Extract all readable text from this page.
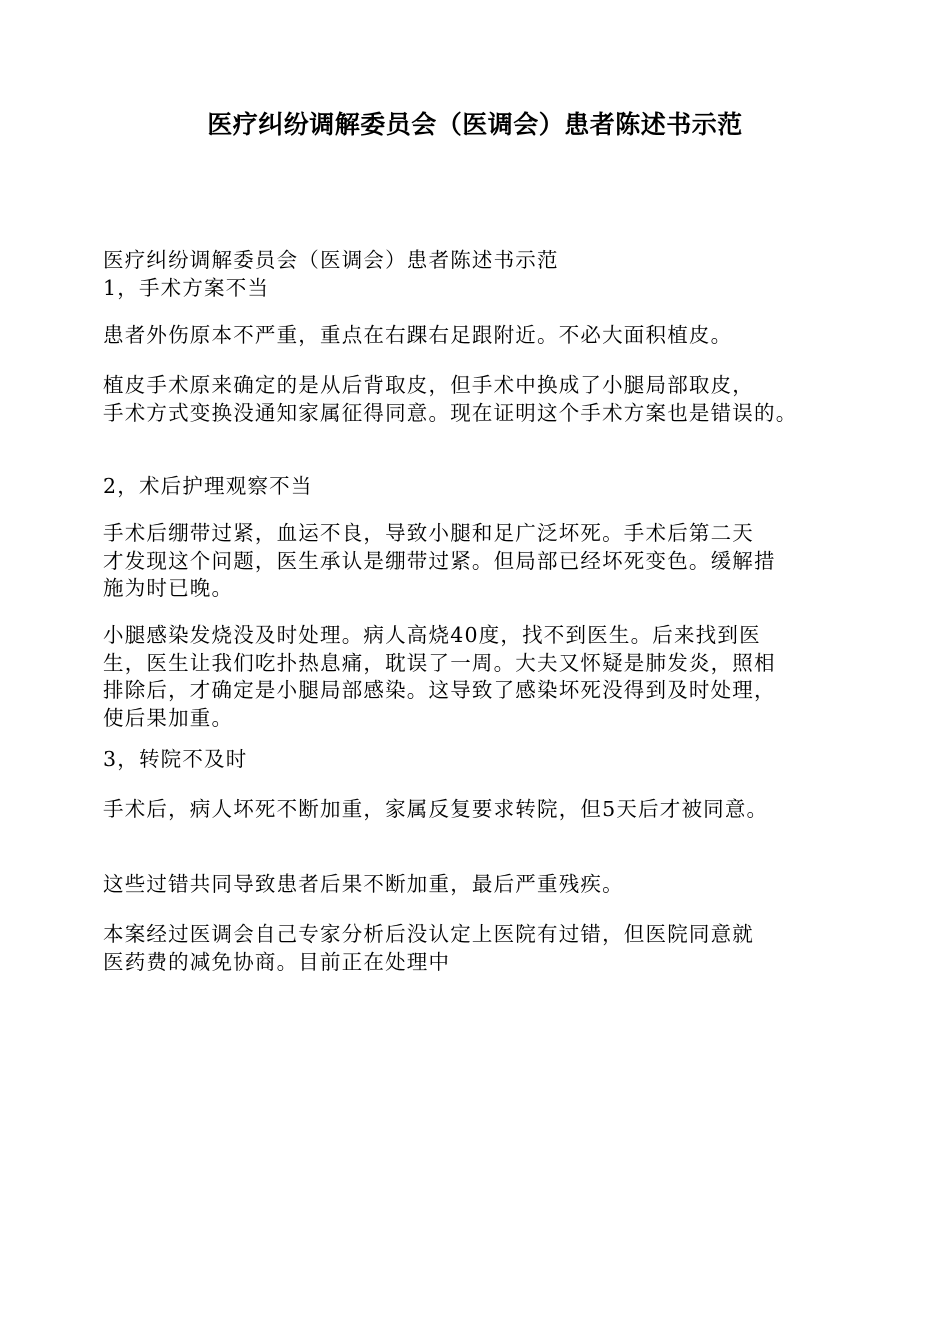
医疗纠纷调解委员会（医调会）患者陈述书示范
医疗纠纷调解委员会（医调会）患者陈述书示范
1，手术方案不当
患者外伤原本不严重，重点在右踝右足跟附近。不必大面积植皮。
植皮手术原来确定的是从后背取皮，但手术中换成了小腿局部取皮，
手术方式变换没通知家属征得同意。现在证明这个手术方案也是错误的。
2，术后护理观察不当
手术后绷带过紧，血运不良，导致小腿和足广泛坏死。手术后第二天
才发现这个问题，医生承认是绷带过紧。但局部已经坏死变色。缓解措
施为时已晚。
小腿感染发烧没及时处理。病人高烧40度，找不到医生。后来找到医
生，医生让我们吃扑热息痛，耽误了一周。大夫又怀疑是肺发炎，照相
排除后，才确定是小腿局部感染。这导致了感染坏死没得到及时处理，
使后果加重。
3，转院不及时
手术后，病人坏死不断加重，家属反复要求转院，但5天后才被同意。
这些过错共同导致患者后果不断加重，最后严重残疾。
本案经过医调会自己专家分析后没认定上医院有过错，但医院同意就
医药费的减免协商。目前正在处理中
